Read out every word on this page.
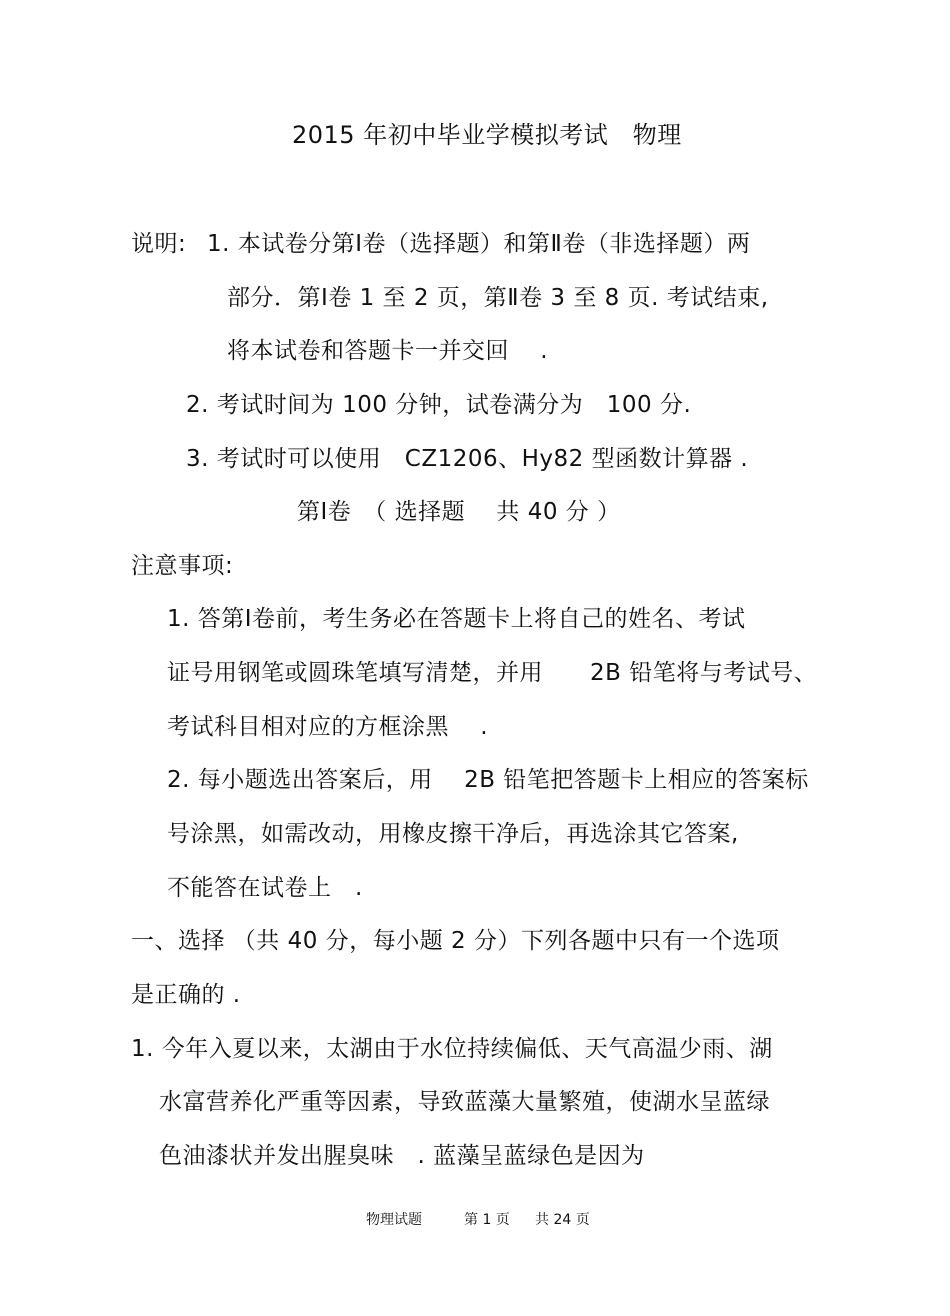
2015 年初中毕业学模拟考试　物理
说明: 1. 本试卷分第Ⅰ卷（选择题）和第Ⅱ卷（非选择题）两
部分．第Ⅰ卷 1 至 2 页，第Ⅱ卷 3 至 8 页. 考试结束,
将本试卷和答题卡一并交回　 .
2. 考试时间为 100 分钟，试卷满分为　100 分.
3. 考试时可以使用　CZ1206、Hy82 型函数计算器 .
第Ⅰ卷　（ 选择题　 共 40 分 ）
注意事项:
1. 答第Ⅰ卷前，考生务必在答题卡上将自己的姓名、考试
证号用钢笔或圆珠笔填写清楚，并用　　2B 铅笔将与考试号、
考试科目相对应的方框涂黑　 .
2. 每小题选出答案后，用　 2B 铅笔把答题卡上相应的答案标
号涂黑，如需改动，用橡皮擦干净后，再选涂其它答案,
不能答在试卷上　.
一、选择 （共 40 分，每小题 2 分）下列各题中只有一个选项
是正确的 .
1. 今年入夏以来，太湖由于水位持续偏低、天气高温少雨、湖
水富营养化严重等因素，导致蓝藻大量繁殖，使湖水呈蓝绿
色油漆状并发出腥臭味　. 蓝藻呈蓝绿色是因为
物理试题	第 1 页 共 24 页
